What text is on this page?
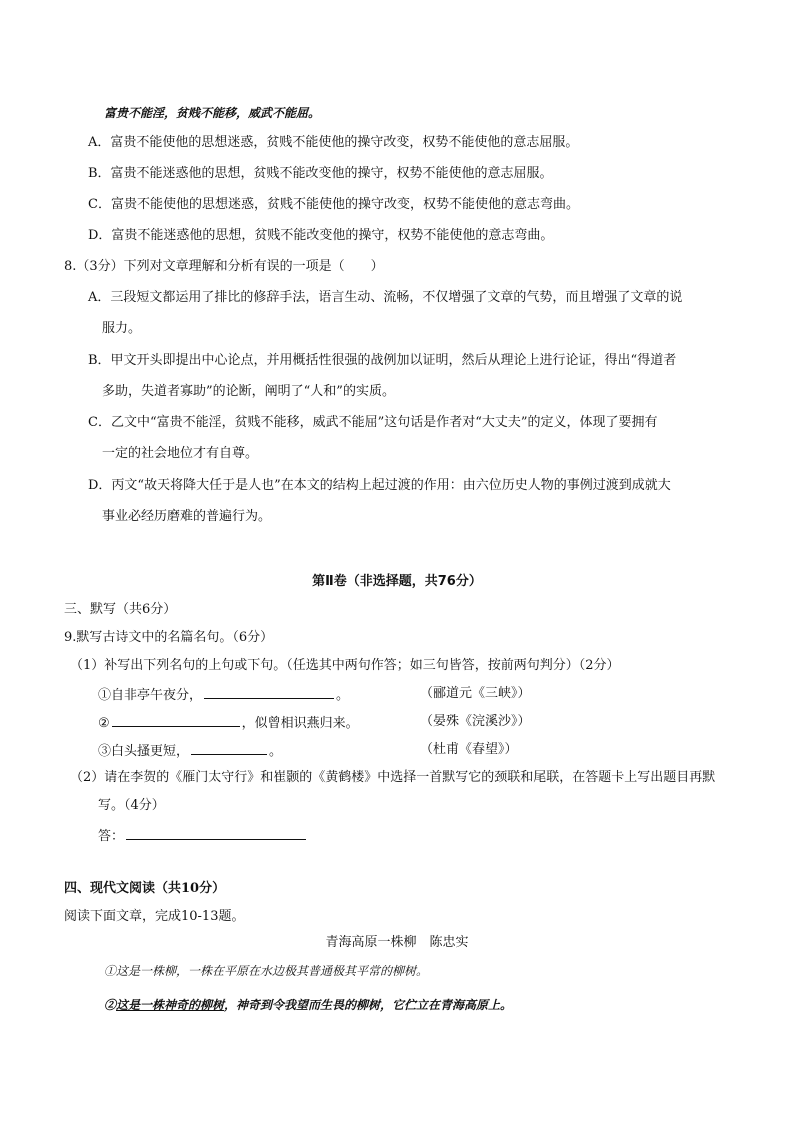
富贵不能淫，贫贱不能移，威武不能屈。
A．富贵不能使他的思想迷惑，贫贱不能使他的操守改变，权势不能使他的意志屈服。
B．富贵不能迷惑他的思想，贫贱不能改变他的操守，权势不能使他的意志屈服。
C．富贵不能使他的思想迷惑，贫贱不能使他的操守改变，权势不能使他的意志弯曲。
D．富贵不能迷惑他的思想，贫贱不能改变他的操守，权势不能使他的意志弯曲。
8.（3分）下列对文章理解和分析有误的一项是（　　）
A．三段短文都运用了排比的修辞手法，语言生动、流畅，不仅增强了文章的气势，而且增强了文章的说
服力。
B．甲文开头即提出中心论点，并用概括性很强的战例加以证明，然后从理论上进行论证，得出“得道者
多助，失道者寡助”的论断，阐明了“人和”的实质。
C．乙文中“富贵不能淫，贫贱不能移，威武不能屈”这句话是作者对“大丈夫”的定义，体现了要拥有
一定的社会地位才有自尊。
D．丙文“故天将降大任于是人也”在本文的结构上起过渡的作用：由六位历史人物的事例过渡到成就大
事业必经历磨难的普遍行为。
第Ⅱ卷（非选择题，共76分）
三、默写（共6分）
9.默写古诗文中的名篇名句。（6分）
（1）补写出下列名句的上句或下句。（任选其中两句作答；如三句皆答，按前两句判分）（2分）
①自非亭午夜分，	。	（郦道元《三峡》）
②	，似曾相识燕归来。	（晏殊《浣溪沙》）
③白头搔更短，	。	（杜甫《春望》）
（2）请在李贺的《雁门太守行》和崔颢的《黄鹤楼》中选择一首默写它的颈联和尾联，在答题卡上写出题目再默
写。（4分）
答：
四、现代文阅读（共10分）
阅读下面文章，完成10-13题。
青海高原一株柳　陈忠实
①这是一株柳，一株在平原在水边极其普通极其平常的柳树。
②这是一株神奇的柳树，神奇到令我望而生畏的柳树，它伫立在青海高原上。
